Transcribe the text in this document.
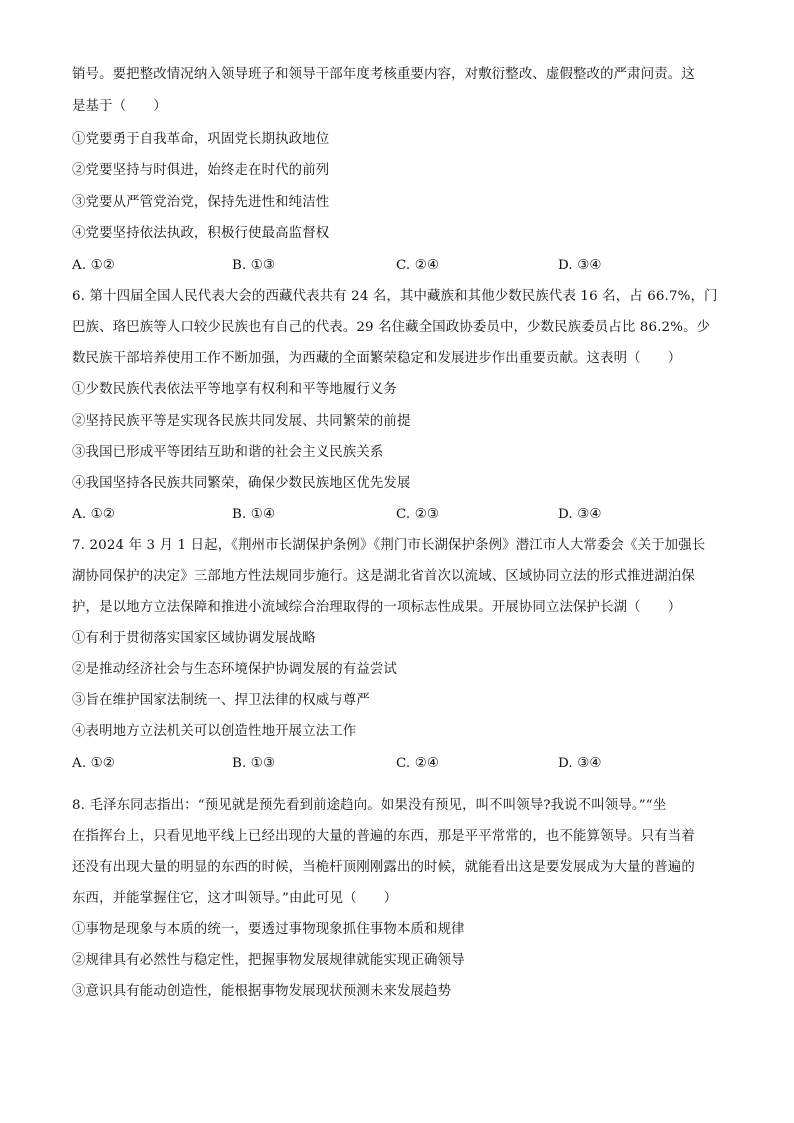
销号。要把整改情况纳入领导班子和领导干部年度考核重要内容，对敷衍整改、虚假整改的严肃问责。这
是基于（　　）
①党要勇于自我革命，巩固党长期执政地位
②党要坚持与时俱进，始终走在时代的前列
③党要从严管党治党，保持先进性和纯洁性
④党要坚持依法执政，积极行使最高监督权
A. ①②	B. ①③	C. ②④	D. ③④
6. 第十四届全国人民代表大会的西藏代表共有 24 名，其中藏族和其他少数民族代表 16 名，占 66.7%，门
巴族、珞巴族等人口较少民族也有自己的代表。29 名住藏全国政协委员中，少数民族委员占比 86.2%。少
数民族干部培养使用工作不断加强，为西藏的全面繁荣稳定和发展进步作出重要贡献。这表明（　　）
①少数民族代表依法平等地享有权利和平等地履行义务
②坚持民族平等是实现各民族共同发展、共同繁荣的前提
③我国已形成平等团结互助和谐的社会主义民族关系
④我国坚持各民族共同繁荣，确保少数民族地区优先发展
A. ①②	B. ①④	C. ②③	D. ③④
7. 2024 年 3 月 1 日起，《荆州市长湖保护条例》《荆门市长湖保护条例》潜江市人大常委会《关于加强长
湖协同保护的决定》三部地方性法规同步施行。这是湖北省首次以流域、区域协同立法的形式推进湖泊保
护，是以地方立法保障和推进小流域综合治理取得的一项标志性成果。开展协同立法保护长湖（　　）
①有利于贯彻落实国家区域协调发展战略
②是推动经济社会与生态环境保护协调发展的有益尝试
③旨在维护国家法制统一、捍卫法律的权威与尊严
④表明地方立法机关可以创造性地开展立法工作
A. ①②	B. ①③	C. ②④	D. ③④
8. 毛泽东同志指出：“预见就是预先看到前途趋向。如果没有预见，叫不叫领导?我说不叫领导。”“坐
在指挥台上，只看见地平线上已经出现的大量的普遍的东西，那是平平常常的，也不能算领导。只有当着
还没有出现大量的明显的东西的时候，当桅杆顶刚刚露出的时候，就能看出这是要发展成为大量的普遍的
东西，并能掌握住它，这才叫领导。”由此可见（　　）
①事物是现象与本质的统一，要透过事物现象抓住事物本质和规律
②规律具有必然性与稳定性，把握事物发展规律就能实现正确领导
③意识具有能动创造性，能根据事物发展现状预测未来发展趋势
